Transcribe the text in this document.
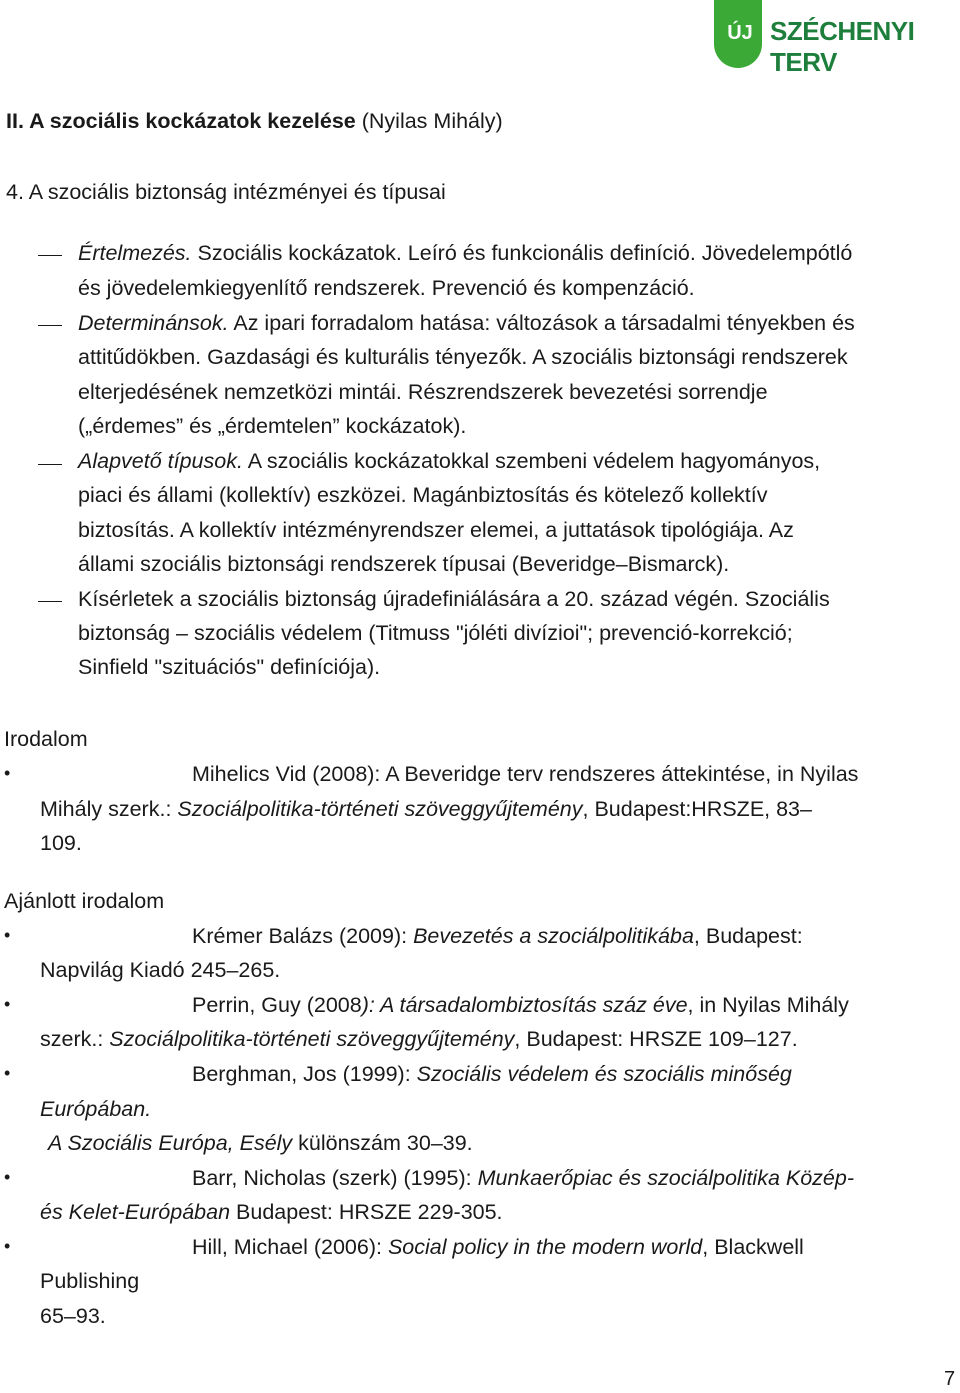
ÚJ SZÉCHENYI TERV
II. A szociális kockázatok kezelése (Nyilas Mihály)
4. A szociális biztonság intézményei és típusai
Értelmezés. Szociális kockázatok. Leíró és funkcionális definíció. Jövedelempótló
és jövedelemkiegyenlítő rendszerek. Prevenció és kompenzáció.
Determinánsok. Az ipari forradalom hatása: változások a társadalmi tényekben és
attitűdökben. Gazdasági és kulturális tényezők. A szociális biztonsági rendszerek
elterjedésének nemzetközi mintái. Részrendszerek bevezetési sorrendje
(„érdemes” és „érdemtelen” kockázatok).
Alapvető típusok. A szociális kockázatokkal szembeni védelem hagyományos,
piaci és állami (kollektív) eszközei. Magánbiztosítás és kötelező kollektív
biztosítás. A kollektív intézményrendszer elemei, a juttatások tipológiája. Az
állami szociális biztonsági rendszerek típusai (Beveridge–Bismarck).
Kísérletek a szociális biztonság újradefiniálására a 20. század végén. Szociális
biztonság – szociális védelem (Titmuss "jóléti divízioi"; prevenció-korrekció;
Sinfield "szituációs" definíciója).
Irodalom
•	Mihelics Vid (2008): A Beveridge terv rendszeres áttekintése, in Nyilas
Mihály szerk.: Szociálpolitika-történeti szöveggyűjtemény, Budapest:HRSZE, 83–
109.
Ajánlott irodalom
•	Krémer Balázs (2009): Bevezetés a szociálpolitikába, Budapest:
Napvilág Kiadó 245–265.
•	Perrin, Guy (2008): A társadalombiztosítás száz éve, in Nyilas Mihály
szerk.: Szociálpolitika-történeti szöveggyűjtemény, Budapest: HRSZE 109–127.
•	Berghman, Jos (1999): Szociális védelem és szociális minőség
Európában.
A Szociális Európa, Esély különszám 30–39.
•	Barr, Nicholas (szerk) (1995): Munkaerőpiac és szociálpolitika Közép-
és Kelet-Európában Budapest: HRSZE 229-305.
•	Hill, Michael (2006): Social policy in the modern world, Blackwell
Publishing
65–93.
7
